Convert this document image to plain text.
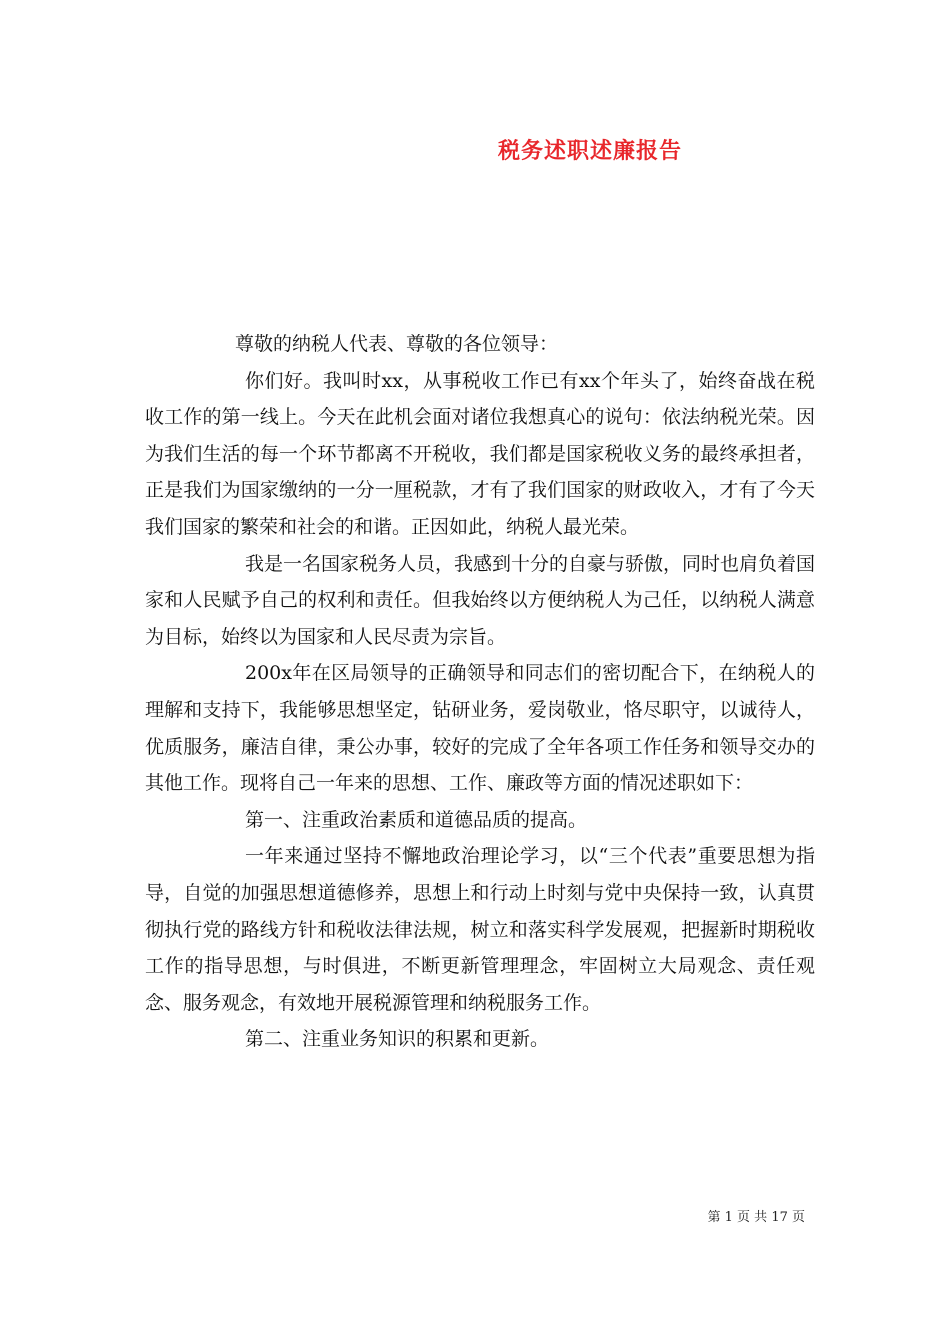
税务述职述廉报告

尊敬的纳税人代表、尊敬的各位领导：

你们好。我叫时xx，从事税收工作已有xx个年头了，始终奋战在税收工作的第一线上。今天在此机会面对诸位我想真心的说句：依法纳税光荣。因为我们生活的每一个环节都离不开税收，我们都是国家税收义务的最终承担者，正是我们为国家缴纳的一分一厘税款，才有了我们国家的财政收入，才有了今天我们国家的繁荣和社会的和谐。正因如此，纳税人最光荣。

我是一名国家税务人员，我感到十分的自豪与骄傲，同时也肩负着国家和人民赋予自己的权利和责任。但我始终以方便纳税人为己任，以纳税人满意为目标，始终以为国家和人民尽责为宗旨。

200x年在区局领导的正确领导和同志们的密切配合下，在纳税人的理解和支持下，我能够思想坚定，钻研业务，爱岗敬业，恪尽职守，以诚待人，优质服务，廉洁自律，秉公办事，较好的完成了全年各项工作任务和领导交办的其他工作。现将自己一年来的思想、工作、廉政等方面的情况述职如下：

第一、注重政治素质和道德品质的提高。

一年来通过坚持不懈地政治理论学习，以“三个代表”重要思想为指导，自觉的加强思想道德修养，思想上和行动上时刻与党中央保持一致，认真贯彻执行党的路线方针和税收法律法规，树立和落实科学发展观，把握新时期税收工作的指导思想，与时俱进，不断更新管理理念，牢固树立大局观念、责任观念、服务观念，有效地开展税源管理和纳税服务工作。

第二、注重业务知识的积累和更新。

第 1 页 共 17 页
